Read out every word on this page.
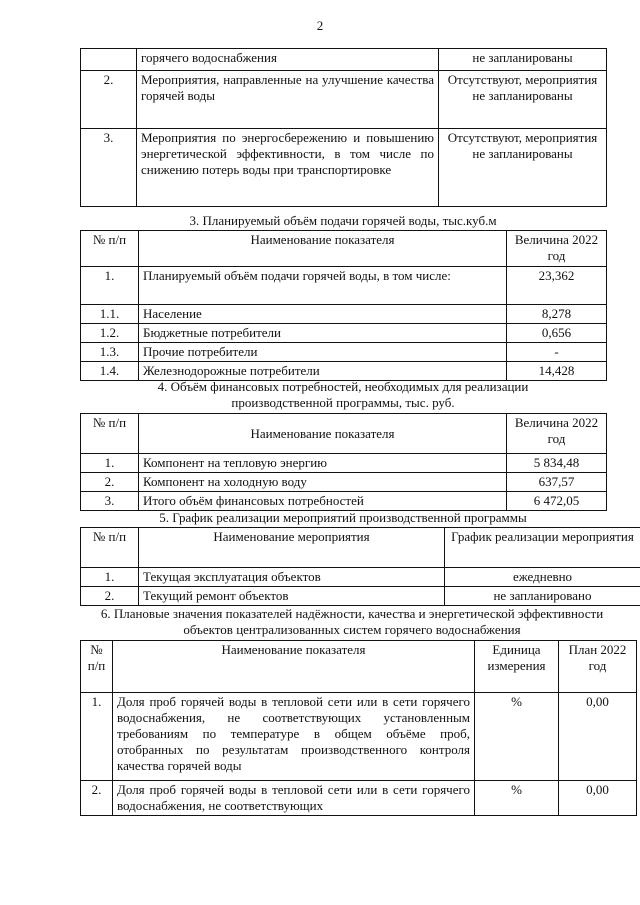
2
	горячего водоснабжения	не запланированы
2.	Мероприятия, направленные на улучшение качества горячей воды	Отсутствуют, мероприятия не запланированы
3.	Мероприятия по энергосбережению и повышению энергетической эффективности, в том числе по снижению потерь воды при транспортировке	Отсутствуют, мероприятия не запланированы
3. Планируемый объём подачи горячей воды, тыс.куб.м
№ п/п	Наименование показателя	Величина 2022 год
1.	Планируемый объём подачи горячей воды, в том числе:	23,362
1.1.	Население	8,278
1.2.	Бюджетные потребители	0,656
1.3.	Прочие потребители	-
1.4.	Железнодорожные потребители	14,428
4. Объём финансовых потребностей, необходимых для реализации производственной программы, тыс. руб.
№ п/п	Наименование показателя	Величина 2022 год
1.	Компонент на тепловую энергию	5 834,48
2.	Компонент на холодную воду	637,57
3.	Итого объём финансовых потребностей	6 472,05
5. График реализации мероприятий производственной программы
№ п/п	Наименование мероприятия	График реализации мероприятия
1.	Текущая эксплуатация объектов	ежедневно
2.	Текущий ремонт объектов	не запланировано
6. Плановые значения показателей надёжности, качества и энергетической эффективности объектов централизованных систем горячего водоснабжения
№ п/п	Наименование показателя	Единица измерения	План 2022 год
1.	Доля проб горячей воды в тепловой сети или в сети горячего водоснабжения, не соответствующих установленным требованиям по температуре в общем объёме проб, отобранных по результатам производственного контроля качества горячей воды	%	0,00
2.	Доля проб горячей воды в тепловой сети или в сети горячего водоснабжения, не соответствующих	%	0,00
